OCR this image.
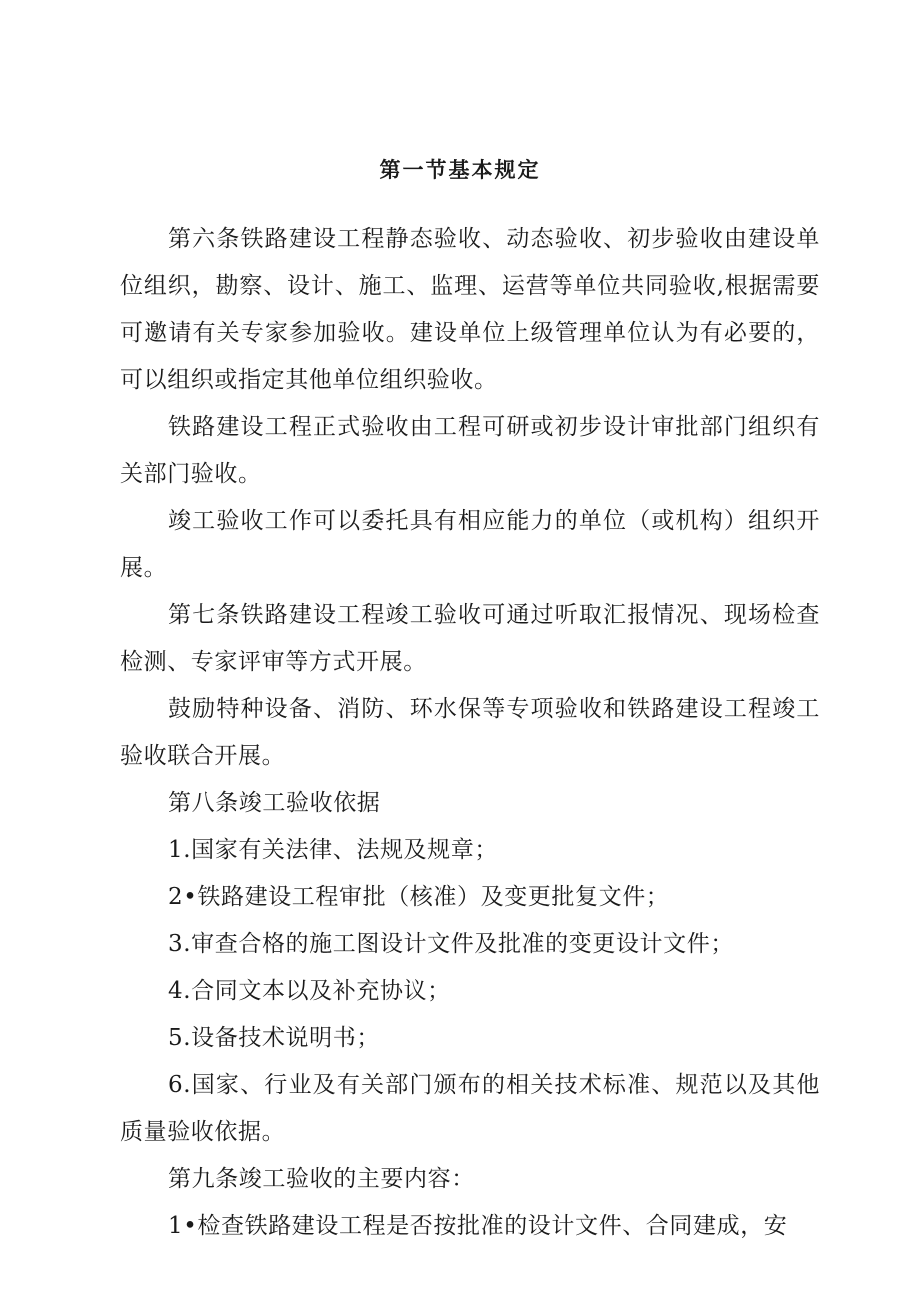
第一节基本规定

第六条铁路建设工程静态验收、动态验收、初步验收由建设单位组织，勘察、设计、施工、监理、运营等单位共同验收,根据需要可邀请有关专家参加验收。建设单位上级管理单位认为有必要的，可以组织或指定其他单位组织验收。

铁路建设工程正式验收由工程可研或初步设计审批部门组织有关部门验收。

竣工验收工作可以委托具有相应能力的单位（或机构）组织开展。

第七条铁路建设工程竣工验收可通过听取汇报情况、现场检查检测、专家评审等方式开展。

鼓励特种设备、消防、环水保等专项验收和铁路建设工程竣工验收联合开展。

第八条竣工验收依据

1.国家有关法律、法规及规章；

2•铁路建设工程审批（核准）及变更批复文件；

3.审查合格的施工图设计文件及批准的变更设计文件；

4.合同文本以及补充协议；

5.设备技术说明书；

6.国家、行业及有关部门颁布的相关技术标准、规范以及其他质量验收依据。

第九条竣工验收的主要内容：

1•检查铁路建设工程是否按批准的设计文件、合同建成，安
